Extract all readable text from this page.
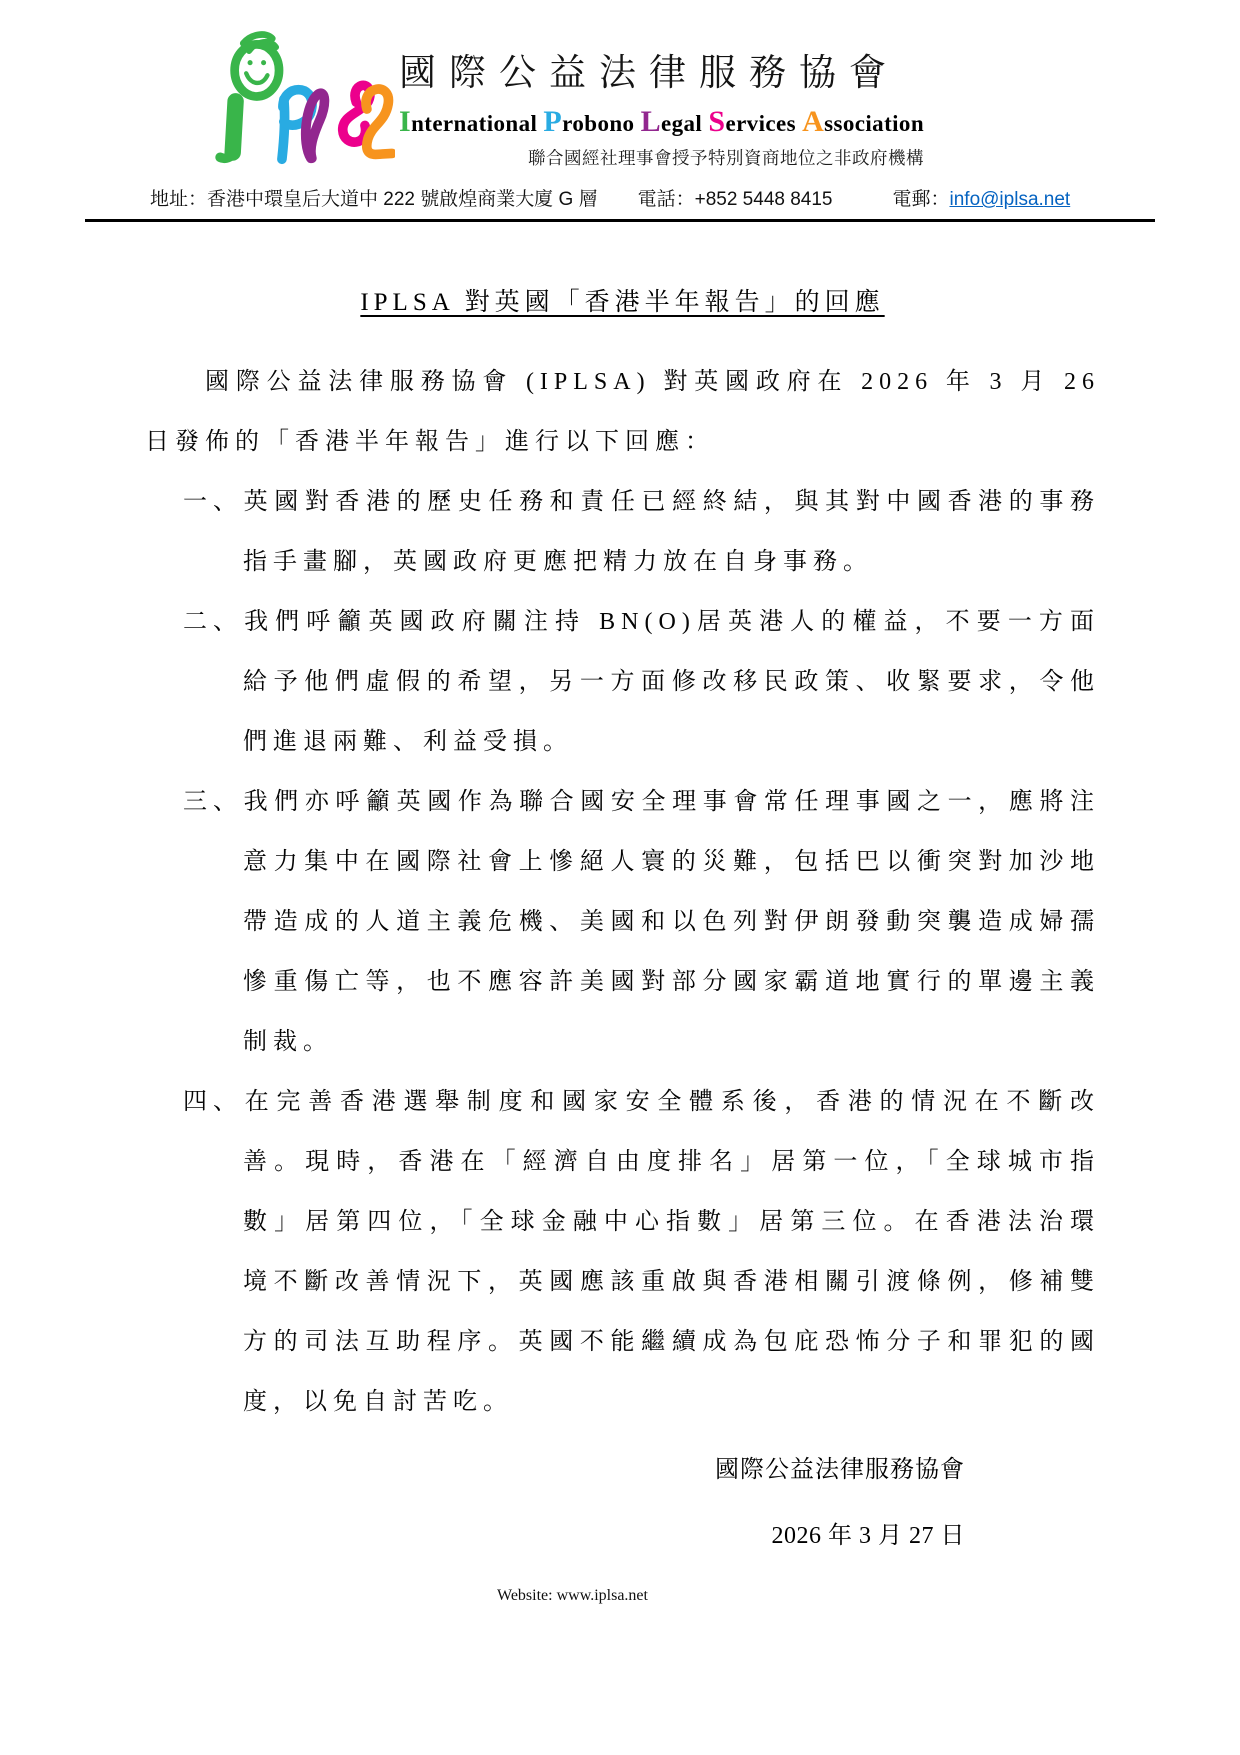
國際公益法律服務協會
International Probono Legal Services Association
聯合國經社理事會授予特別資商地位之非政府機構
地址：香港中環皇后大道中 222 號啟煌商業大廈 G 層 電話：+852 5448 8415	電郵：info@iplsa.net
IPLSA 對英國「香港半年報告」的回應

國際公益法律服務協會 (IPLSA) 對英國政府在 2026 年 3 月 26 日發佈的「香港半年報告」進行以下回應：

一、英國對香港的歷史任務和責任已經終結，與其對中國香港的事務指手畫腳，英國政府更應把精力放在自身事務。
二、我們呼籲英國政府關注持 BN(O)居英港人的權益，不要一方面給予他們虛假的希望，另一方面修改移民政策、收緊要求，令他們進退兩難、利益受損。
三、我們亦呼籲英國作為聯合國安全理事會常任理事國之一，應將注意力集中在國際社會上慘絕人寰的災難，包括巴以衝突對加沙地帶造成的人道主義危機、美國和以色列對伊朗發動突襲造成婦孺慘重傷亡等，也不應容許美國對部分國家霸道地實行的單邊主義制裁。
四、在完善香港選舉制度和國家安全體系後，香港的情況在不斷改善。現時，香港在「經濟自由度排名」居第一位，「全球城市指數」居第四位，「全球金融中心指數」居第三位。在香港法治環境不斷改善情況下，英國應該重啟與香港相關引渡條例，修補雙方的司法互助程序。英國不能繼續成為包庇恐怖分子和罪犯的國度，以免自討苦吃。
國際公益法律服務協會
2026 年 3 月 27 日
Website: www.iplsa.net
